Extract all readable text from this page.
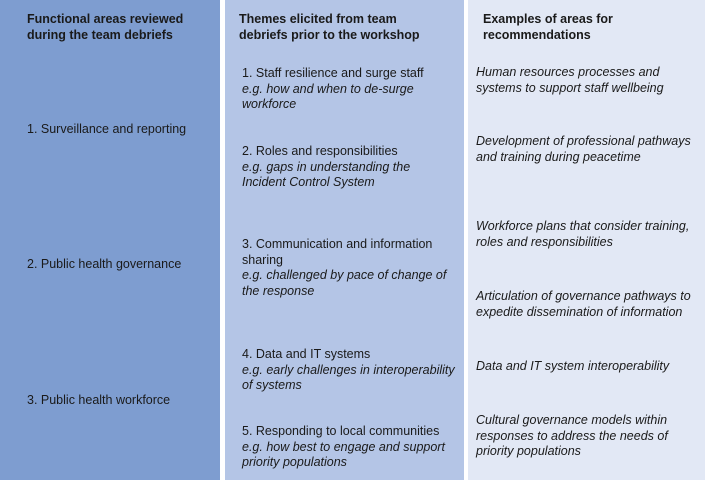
Functional areas reviewed during the team debriefs
1. Surveillance and reporting
2. Public health governance
3. Public health workforce
Themes elicited from team debriefs prior to the workshop
1. Staff resilience and surge staff
e.g. how and when to de-surge workforce
2. Roles and responsibilities
e.g. gaps in understanding the Incident Control System
3. Communication and information sharing
e.g. challenged by pace of change of the response
4. Data and IT systems
e.g. early challenges in interoperability of systems
5. Responding to local communities
e.g. how best to engage and support priority populations
Examples of areas for recommendations
Human resources processes and systems to support staff wellbeing
Development of professional pathways and training during peacetime
Workforce plans that consider training, roles and responsibilities
Articulation of governance pathways to expedite dissemination of information
Data and IT system interoperability
Cultural governance models within responses to address the needs of priority populations
